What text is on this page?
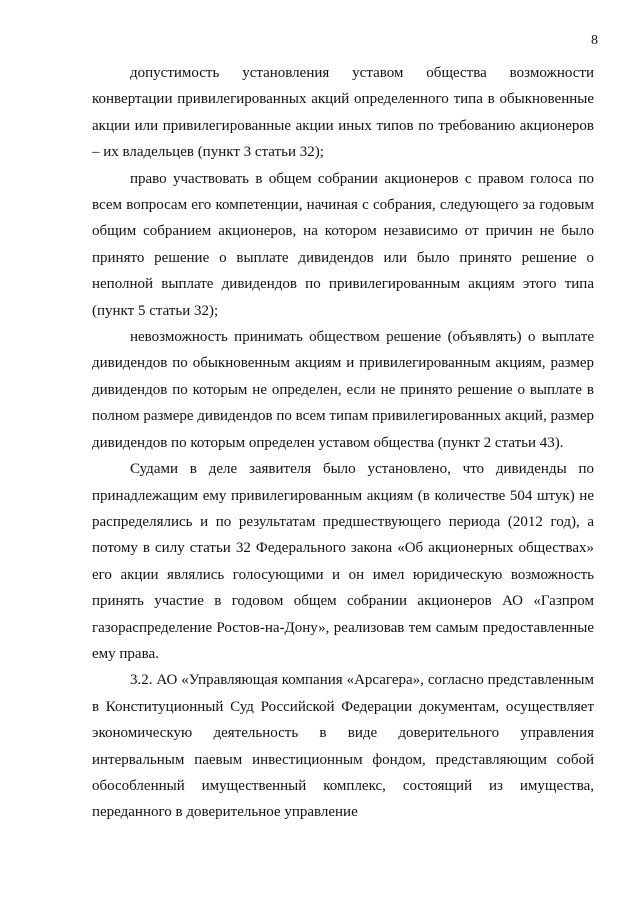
8

допустимость установления уставом общества возможности конвертации привилегированных акций определенного типа в обыкновенные акции или привилегированные акции иных типов по требованию акционеров – их владельцев (пункт 3 статьи 32);

право участвовать в общем собрании акционеров с правом голоса по всем вопросам его компетенции, начиная с собрания, следующего за годовым общим собранием акционеров, на котором независимо от причин не было принято решение о выплате дивидендов или было принято решение о неполной выплате дивидендов по привилегированным акциям этого типа (пункт 5 статьи 32);

невозможность принимать обществом решение (объявлять) о выплате дивидендов по обыкновенным акциям и привилегированным акциям, размер дивидендов по которым не определен, если не принято решение о выплате в полном размере дивидендов по всем типам привилегированных акций, размер дивидендов по которым определен уставом общества (пункт 2 статьи 43).

Судами в деле заявителя было установлено, что дивиденды по принадлежащим ему привилегированным акциям (в количестве 504 штук) не распределялись и по результатам предшествующего периода (2012 год), а потому в силу статьи 32 Федерального закона «Об акционерных обществах» его акции являлись голосующими и он имел юридическую возможность принять участие в годовом общем собрании акционеров АО «Газпром газораспределение Ростов-на-Дону», реализовав тем самым предоставленные ему права.

3.2. АО «Управляющая компания «Арсагера», согласно представленным в Конституционный Суд Российской Федерации документам, осуществляет экономическую деятельность в виде доверительного управления интервальным паевым инвестиционным фондом, представляющим собой обособленный имущественный комплекс, состоящий из имущества, переданного в доверительное управление
